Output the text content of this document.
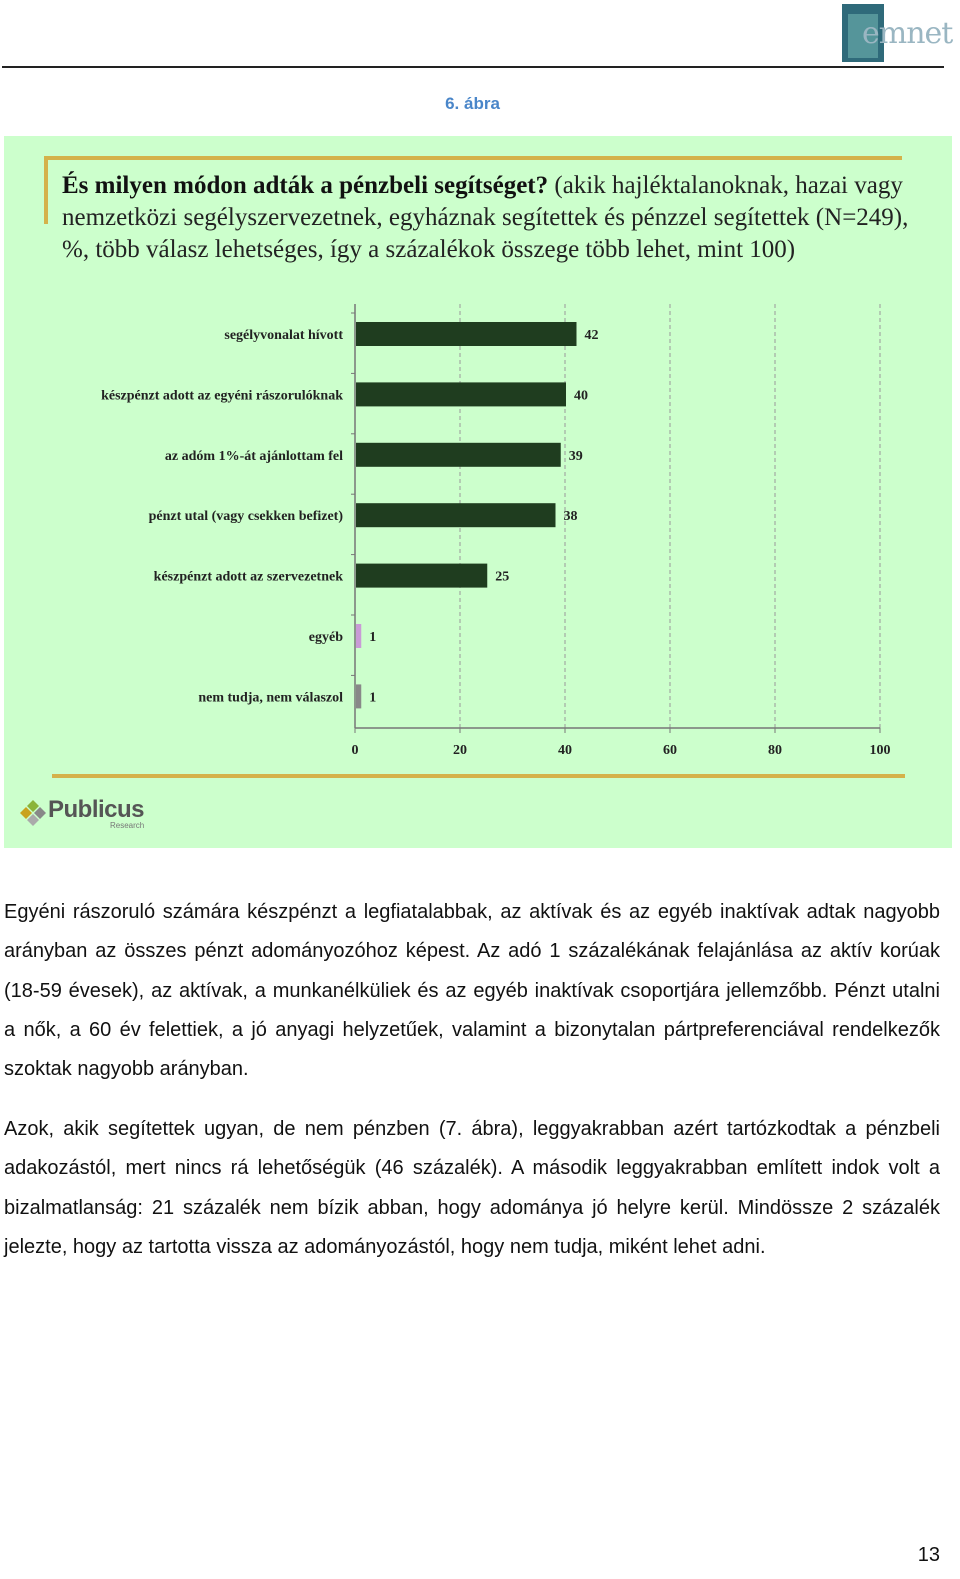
emnet
6. ábra
És milyen módon adták a pénzbeli segítséget? (akik hajléktalanoknak, hazai vagy nemzetközi segélyszervezetnek, egyháznak segítettek és pénzzel segítettek (N=249), %, több válasz lehetséges, így a százalékok összege több lehet, mint 100)
0	20	40	60	80	100
segélyvonalat hívott	42
készpénzt adott az egyéni rászorulóknak	40
az adóm 1%-át ajánlottam fel	39
pénzt utal (vagy csekken befizet)	38
készpénzt adott az szervezetnek	25
egyéb 1
nem tudja, nem válaszol 1
Publicus
Research

Egyéni rászoruló számára készpénzt a legfiatalabbak, az aktívak és az egyéb inaktívak adtak nagyobb arányban az összes pénzt adományozóhoz képest. Az adó 1 százalékának felajánlása az aktív korúak (18-59 évesek), az aktívak, a munkanélküliek és az egyéb inaktívak csoportjára jellemzőbb. Pénzt utalni a nők, a 60 év felettiek, a jó anyagi helyzetűek, valamint a bizonytalan pártpreferenciával rendelkezők szoktak nagyobb arányban.

Azok, akik segítettek ugyan, de nem pénzben (7. ábra), leggyakrabban azért tartózkodtak a pénzbeli adakozástól, mert nincs rá lehetőségük (46 százalék). A második leggyakrabban említett indok volt a bizalmatlanság: 21 százalék nem bízik abban, hogy adománya jó helyre kerül. Mindössze 2 százalék jelezte, hogy az tartotta vissza az adományozástól, hogy nem tudja, miként lehet adni.

13
